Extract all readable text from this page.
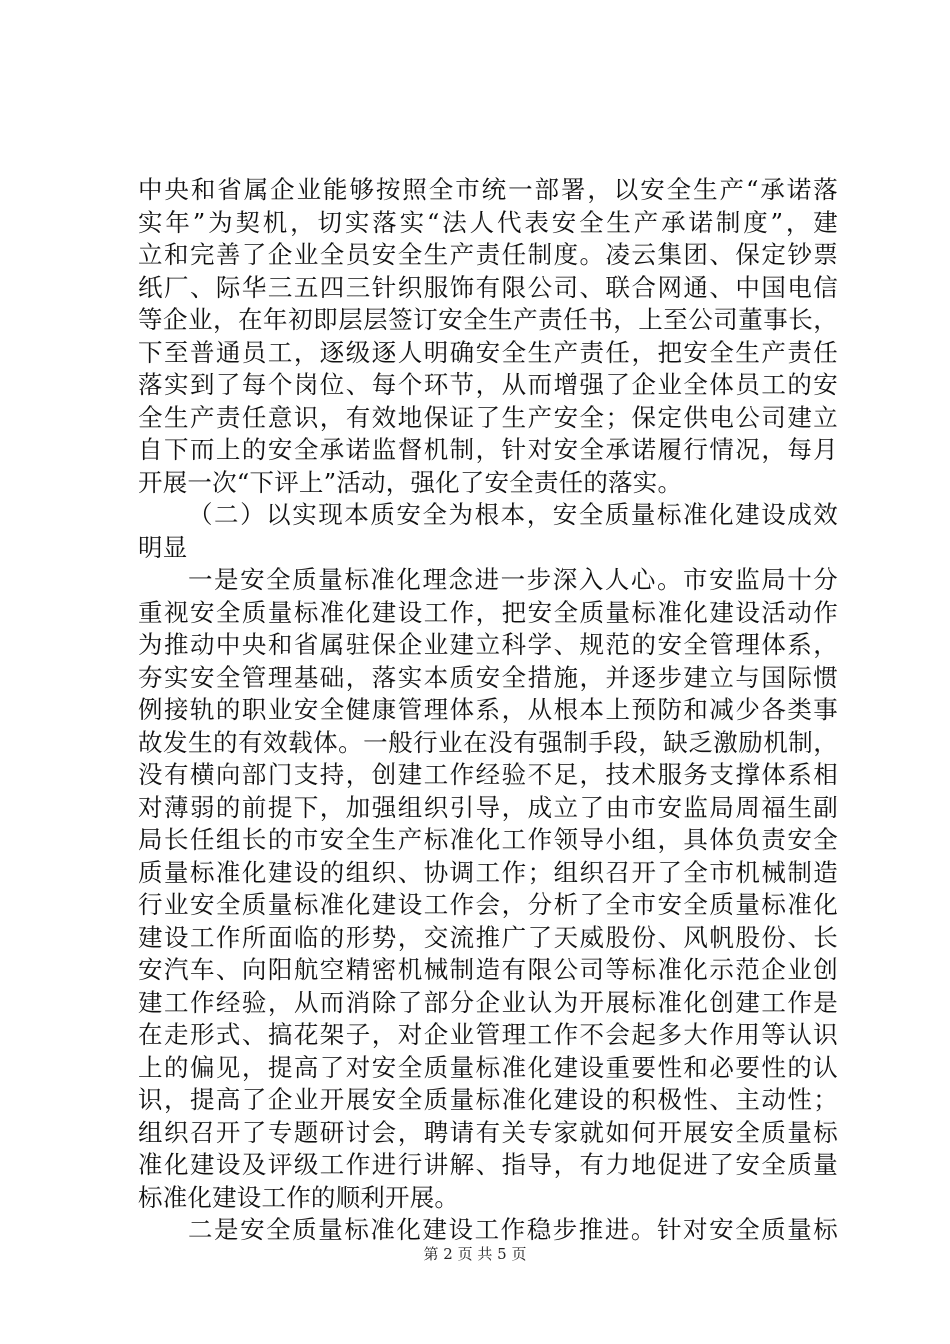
中央和省属企业能够按照全市统一部署，以安全生产“承诺落
实年”为契机，切实落实“法人代表安全生产承诺制度”，建
立和完善了企业全员安全生产责任制度。凌云集团、保定钞票
纸厂、际华三五四三针织服饰有限公司、联合网通、中国电信
等企业，在年初即层层签订安全生产责任书，上至公司董事长，
下至普通员工，逐级逐人明确安全生产责任，把安全生产责任
落实到了每个岗位、每个环节，从而增强了企业全体员工的安
全生产责任意识，有效地保证了生产安全；保定供电公司建立
自下而上的安全承诺监督机制，针对安全承诺履行情况，每月
开展一次“下评上”活动，强化了安全责任的落实。
（二）以实现本质安全为根本，安全质量标准化建设成效
明显
一是安全质量标准化理念进一步深入人心。市安监局十分
重视安全质量标准化建设工作，把安全质量标准化建设活动作
为推动中央和省属驻保企业建立科学、规范的安全管理体系，
夯实安全管理基础，落实本质安全措施，并逐步建立与国际惯
例接轨的职业安全健康管理体系，从根本上预防和减少各类事
故发生的有效载体。一般行业在没有强制手段，缺乏激励机制，
没有横向部门支持，创建工作经验不足，技术服务支撑体系相
对薄弱的前提下，加强组织引导，成立了由市安监局周福生副
局长任组长的市安全生产标准化工作领导小组，具体负责安全
质量标准化建设的组织、协调工作；组织召开了全市机械制造
行业安全质量标准化建设工作会，分析了全市安全质量标准化
建设工作所面临的形势，交流推广了天威股份、风帆股份、长
安汽车、向阳航空精密机械制造有限公司等标准化示范企业创
建工作经验，从而消除了部分企业认为开展标准化创建工作是
在走形式、搞花架子，对企业管理工作不会起多大作用等认识
上的偏见，提高了对安全质量标准化建设重要性和必要性的认
识，提高了企业开展安全质量标准化建设的积极性、主动性；
组织召开了专题研讨会，聘请有关专家就如何开展安全质量标
准化建设及评级工作进行讲解、指导，有力地促进了安全质量
标准化建设工作的顺利开展。
二是安全质量标准化建设工作稳步推进。针对安全质量标
第 2 页 共 5 页
